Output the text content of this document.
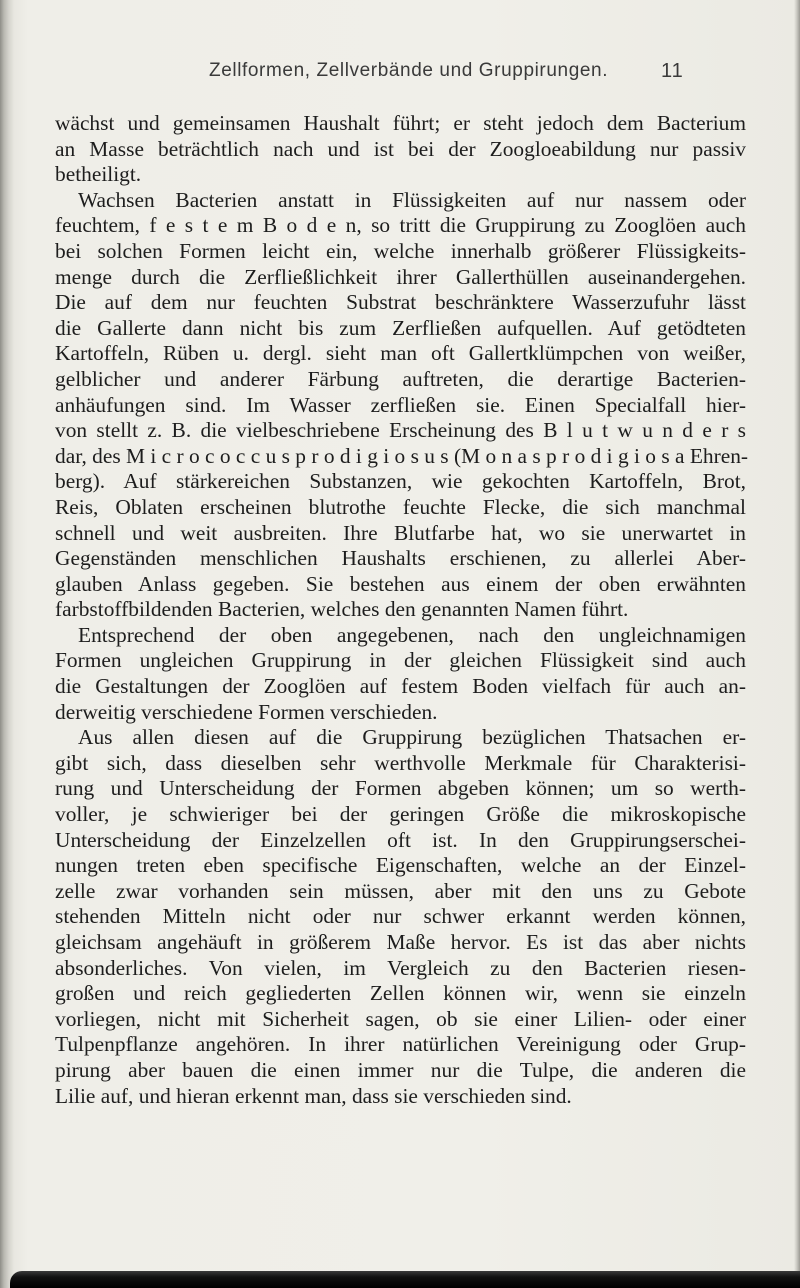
Zellformen, Zellverbände und Gruppirungen.	11
wächst und gemeinsamen Haushalt führt; er steht jedoch dem Bacterium
an Masse beträchtlich nach und ist bei der Zoogloeabildung nur passiv
betheiligt.
Wachsen Bacterien anstatt in Flüssigkeiten auf nur nassem oder
feuchtem, f e s t e m B o d e n, so tritt die Gruppirung zu Zooglöen auch
bei solchen Formen leicht ein, welche innerhalb größerer Flüssigkeits-
menge durch die Zerfließlichkeit ihrer Gallerthüllen auseinandergehen.
Die auf dem nur feuchten Substrat beschränktere Wasserzufuhr lässt
die Gallerte dann nicht bis zum Zerfließen aufquellen. Auf getödteten
Kartoffeln, Rüben u. dergl. sieht man oft Gallertklümpchen von weißer,
gelblicher und anderer Färbung auftreten, die derartige Bacterien-
anhäufungen sind. Im Wasser zerfließen sie. Einen Specialfall hier-
von stellt z. B. die vielbeschriebene Erscheinung des B l u t w u n d e r s
dar, des M i c r o c o c c u s p r o d i g i o s u s (M o n a s p r o d i g i o s a Ehren-
berg). Auf stärkereichen Substanzen, wie gekochten Kartoffeln, Brot,
Reis, Oblaten erscheinen blutrothe feuchte Flecke, die sich manchmal
schnell und weit ausbreiten. Ihre Blutfarbe hat, wo sie unerwartet in
Gegenständen menschlichen Haushalts erschienen, zu allerlei Aber-
glauben Anlass gegeben. Sie bestehen aus einem der oben erwähnten
farbstoffbildenden Bacterien, welches den genannten Namen führt.
Entsprechend der oben angegebenen, nach den ungleichnamigen
Formen ungleichen Gruppirung in der gleichen Flüssigkeit sind auch
die Gestaltungen der Zooglöen auf festem Boden vielfach für auch an-
derweitig verschiedene Formen verschieden.
Aus allen diesen auf die Gruppirung bezüglichen Thatsachen er-
gibt sich, dass dieselben sehr werthvolle Merkmale für Charakterisi-
rung und Unterscheidung der Formen abgeben können; um so werth-
voller, je schwieriger bei der geringen Größe die mikroskopische
Unterscheidung der Einzelzellen oft ist. In den Gruppirungserschei-
nungen treten eben specifische Eigenschaften, welche an der Einzel-
zelle zwar vorhanden sein müssen, aber mit den uns zu Gebote
stehenden Mitteln nicht oder nur schwer erkannt werden können,
gleichsam angehäuft in größerem Maße hervor. Es ist das aber nichts
absonderliches. Von vielen, im Vergleich zu den Bacterien riesen-
großen und reich gegliederten Zellen können wir, wenn sie einzeln
vorliegen, nicht mit Sicherheit sagen, ob sie einer Lilien- oder einer
Tulpenpflanze angehören. In ihrer natürlichen Vereinigung oder Grup-
pirung aber bauen die einen immer nur die Tulpe, die anderen die
Lilie auf, und hieran erkennt man, dass sie verschieden sind.
